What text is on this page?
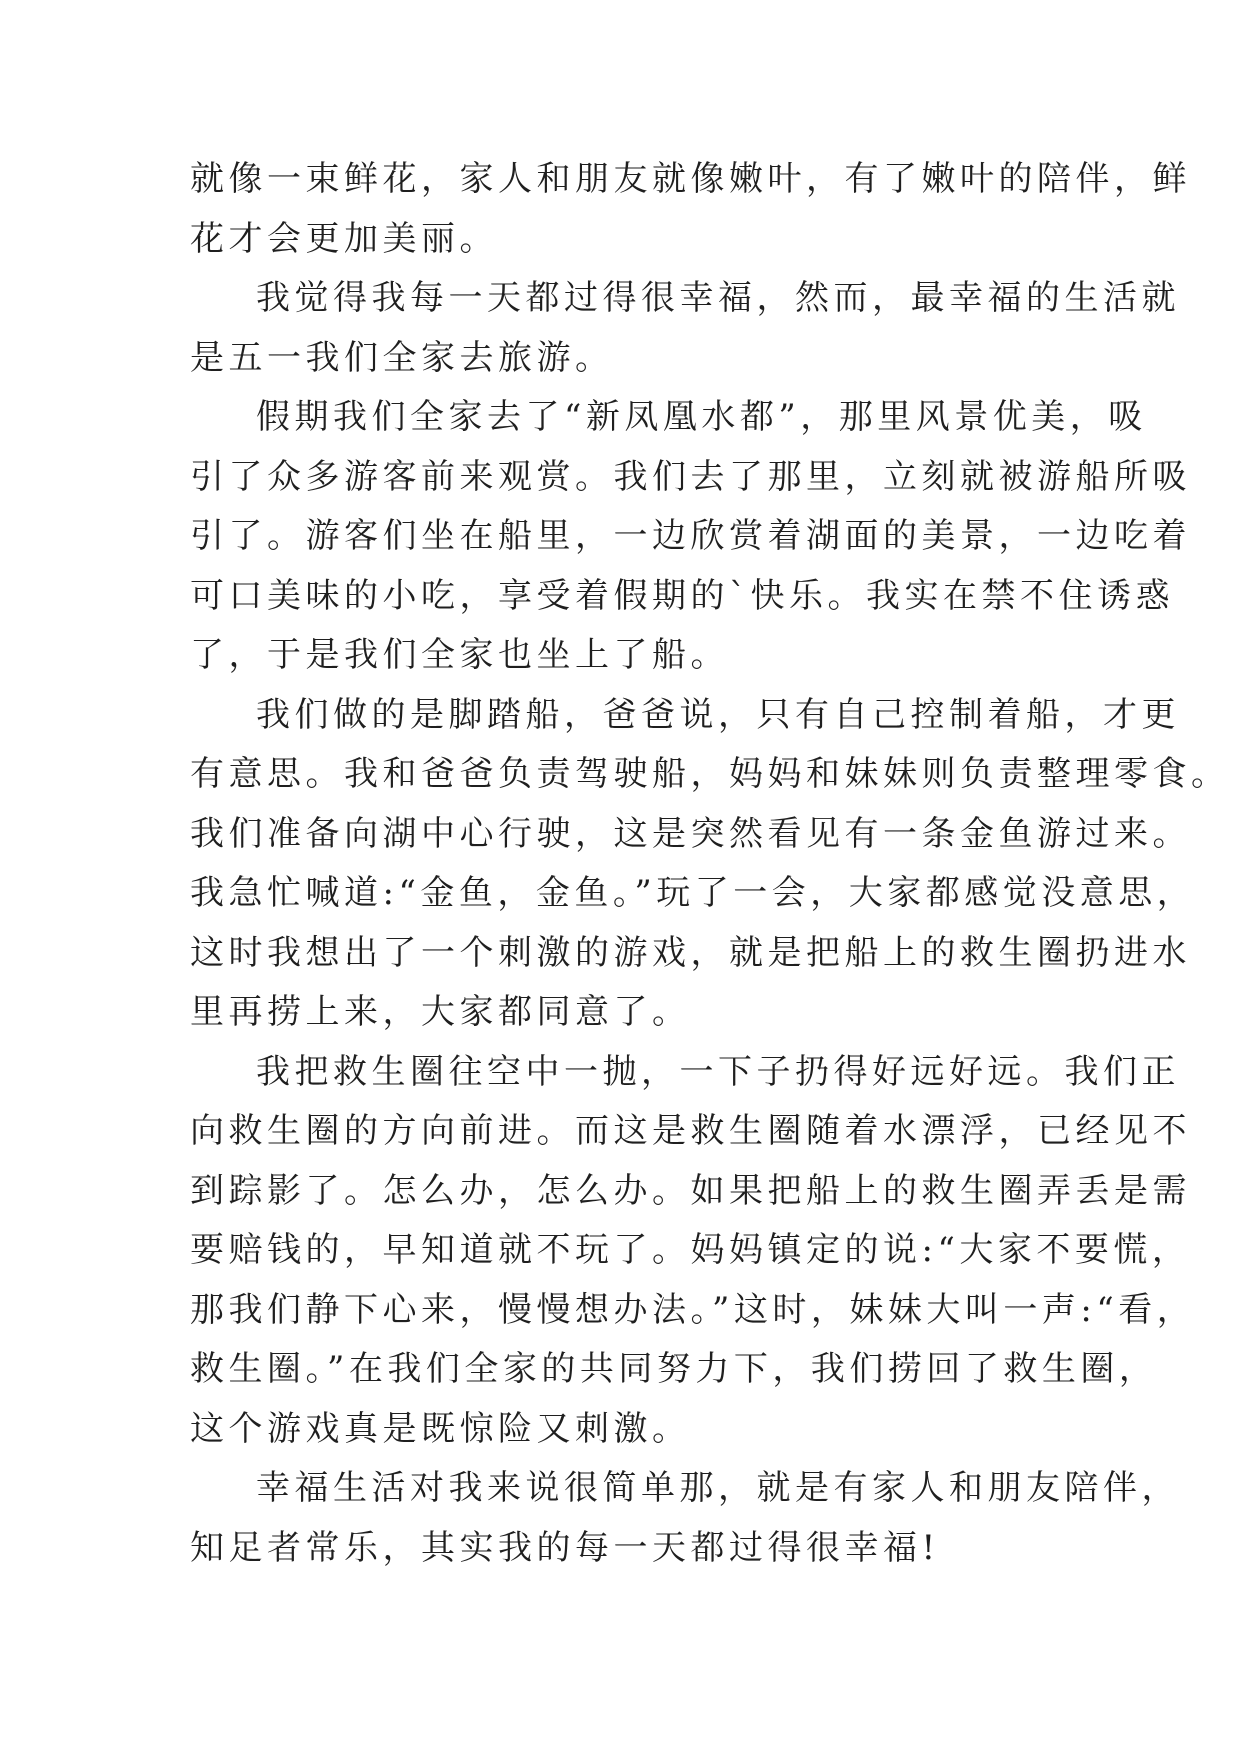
就像一束鲜花，家人和朋友就像嫩叶，有了嫩叶的陪伴，鲜
花才会更加美丽。
我觉得我每一天都过得很幸福，然而，最幸福的生活就
是五一我们全家去旅游。
假期我们全家去了“新凤凰水都”，那里风景优美，吸
引了众多游客前来观赏。我们去了那里，立刻就被游船所吸
引了。游客们坐在船里，一边欣赏着湖面的美景，一边吃着
可口美味的小吃，享受着假期的`快乐。我实在禁不住诱惑
了，于是我们全家也坐上了船。
我们做的是脚踏船，爸爸说，只有自己控制着船，才更
有意思。我和爸爸负责驾驶船，妈妈和妹妹则负责整理零食。
我们准备向湖中心行驶，这是突然看见有一条金鱼游过来。
我急忙喊道:“金鱼，金鱼。”玩了一会，大家都感觉没意思，
这时我想出了一个刺激的游戏，就是把船上的救生圈扔进水
里再捞上来，大家都同意了。
我把救生圈往空中一抛，一下子扔得好远好远。我们正
向救生圈的方向前进。而这是救生圈随着水漂浮，已经见不
到踪影了。怎么办，怎么办。如果把船上的救生圈弄丢是需
要赔钱的，早知道就不玩了。妈妈镇定的说:“大家不要慌，
那我们静下心来，慢慢想办法。”这时，妹妹大叫一声:“看，
救生圈。”在我们全家的共同努力下，我们捞回了救生圈，
这个游戏真是既惊险又刺激。
幸福生活对我来说很简单那，就是有家人和朋友陪伴，
知足者常乐，其实我的每一天都过得很幸福!
